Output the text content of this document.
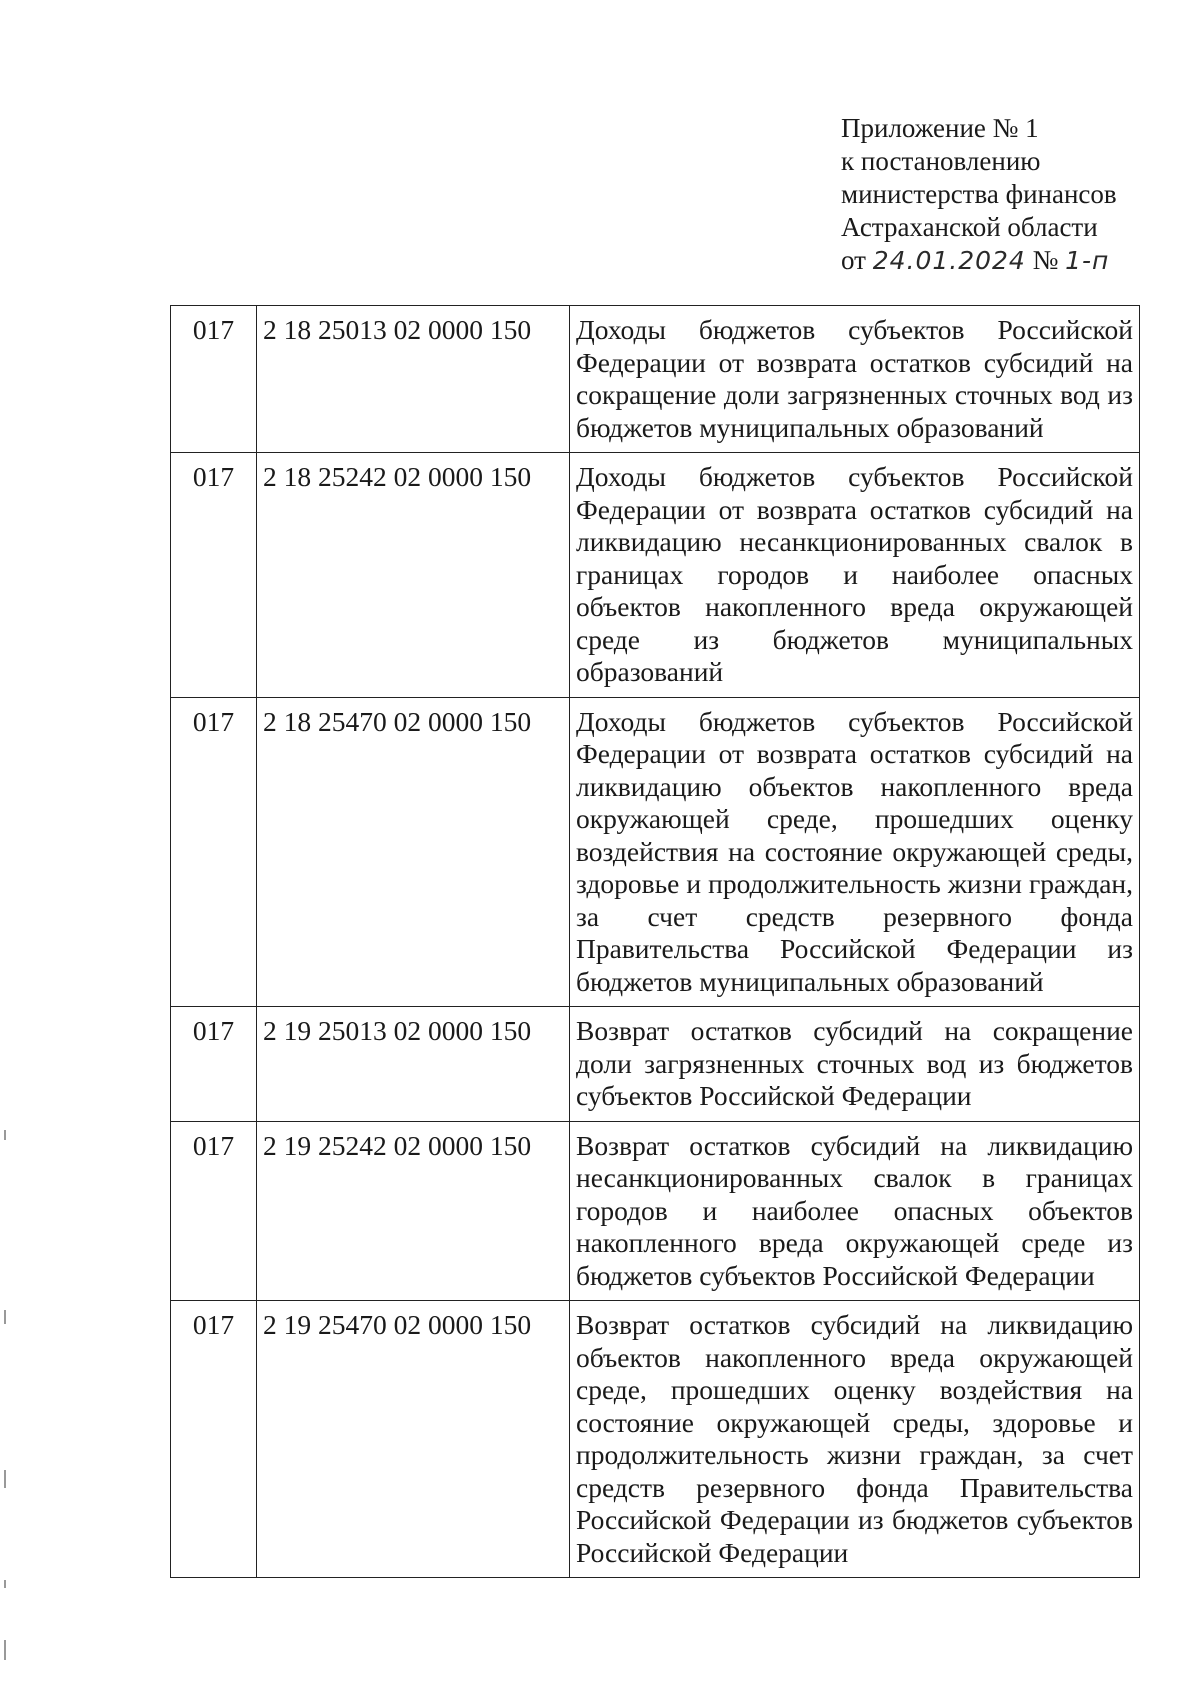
Приложение № 1
к постановлению
министерства финансов
Астраханской области
от 24.01.2024 № 1-п
017	2 18 25013 02 0000 150	Доходы бюджетов субъектов Российской Федерации от возврата остатков субсидий на сокращение доли загрязненных сточных вод из бюджетов муниципальных образований
017	2 18 25242 02 0000 150	Доходы бюджетов субъектов Российской Федерации от возврата остатков субсидий на ликвидацию несанкционированных свалок в границах городов и наиболее опасных объектов накопленного вреда окружающей среде из бюджетов муниципальных образований
017	2 18 25470 02 0000 150	Доходы бюджетов субъектов Российской Федерации от возврата остатков субсидий на ликвидацию объектов накопленного вреда окружающей среде, прошедших оценку воздействия на состояние окружающей среды, здоровье и продолжительность жизни граждан, за счет средств резервного фонда Правительства Российской Федерации из бюджетов муниципальных образований
017	2 19 25013 02 0000 150	Возврат остатков субсидий на сокращение доли загрязненных сточных вод из бюджетов субъектов Российской Федерации
017	2 19 25242 02 0000 150	Возврат остатков субсидий на ликвидацию несанкционированных свалок в границах городов и наиболее опасных объектов накопленного вреда окружающей среде из бюджетов субъектов Российской Федерации
017	2 19 25470 02 0000 150	Возврат остатков субсидий на ликвидацию объектов накопленного вреда окружающей среде, прошедших оценку воздействия на состояние окружающей среды, здоровье и продолжительность жизни граждан, за счет средств резервного фонда Правительства Российской Федерации из бюджетов субъектов Российской Федерации
